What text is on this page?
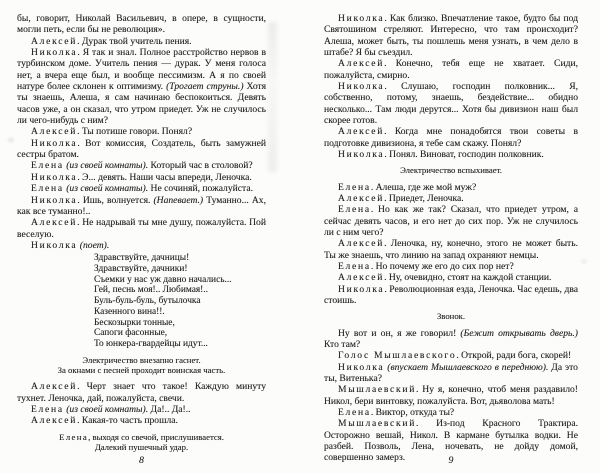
бы, говорит, Николай Васильевич, в опере, в сущности, могли петь, если бы не революция».

Алексей. Дурак твой учитель пения.

Николка. Я так и знал. Полное расстройство нервов в турбинском доме. Учитель пения — дурак. У меня голоса нет, а вчера еще был, и вообще пессимизм. А я по своей натуре более склонен к оптимизму. (Трогает струны.) Хотя ты знаешь, Алеша, я сам начинаю беспокоиться. Девять часов уже, а он сказал, что утром приедет. Уж не случилось ли чего-нибудь с ним?

Алексей. Ты потише говори. Понял?

Николка. Вот комиссия, Создатель, быть замужней сестры братом.

Елена (из своей комнаты). Который час в столовой?

Николка. Э... девять. Наши часы впереди, Леночка.

Елена (из своей комнаты). Не сочиняй, пожалуйста.

Николка. Ишь, волнуется. (Напевает.) Туманно... Ах, как все туманно!..

Алексей. Не надрывай ты мне душу, пожалуйста. Пой веселую.

Николка (поет).

Здравствуйте, дачницы!
Здравствуйте, дачники!
Съемки у нас уж давно начались...
Гей, песнь моя!.. Любимая!..
Буль-буль-буль, бутылочка
Казенного вина!!.
Бескозырки тонные,
Сапоги фасонные,
То юнкера-гвардейцы идут...
Электричество внезапно гаснет.
За окнами с песней проходит воинская часть.

Алексей. Черт знает что такое! Каждую минуту тухнет. Леночка, дай, пожалуйста, свечи.

Елена (из своей комнаты). Да!.. Да!..

Алексей. Какая-то часть прошла.

Елена, выходя со свечой, прислушивается.
Далекий пушечный удар.
8

Николка. Как близко. Впечатление такое, будто бы под Святошином стреляют. Интересно, что там происходит? Алеша, может быть, ты пошлешь меня узнать, в чем дело в штабе? Я бы съездил.

Алексей. Конечно, тебя еще не хватает. Сиди, пожалуйста, смирно.

Николка. Слушаю, господин полковник... Я, собственно, потому, знаешь, бездействие... обидно несколько... Там люди дерутся... Хотя бы дивизион наш был скорее готов.

Алексей. Когда мне понадобятся твои советы в подготовке дивизиона, я тебе сам скажу. Понял?

Николка. Понял. Виноват, господин полковник.

Электричество вспыхивает.

Елена. Алеша, где же мой муж?

Алексей. Приедет, Леночка.

Елена. Но как же так? Сказал, что приедет утром, а сейчас девять часов, и его нет до сих пор. Уж не случилось ли с ним чего?

Алексей. Леночка, ну, конечно, этого не может быть. Ты же знаешь, что линию на запад охраняют немцы.

Елена. Но почему же его до сих пор нет?

Алексей. Ну, очевидно, стоят на каждой станции.

Николка. Революционная езда, Леночка. Час едешь, два стоишь.

Звонок.

Ну вот и он, я же говорил! (Бежит открывать дверь.) Кто там?

Голос Мышлаевского. Открой, ради бога, скорей!

Николка (впускает Мышлаевского в переднюю). Да это ты, Витенька?

Мышлаевский. Ну я, конечно, чтоб меня раздавило! Никол, бери винтовку, пожалуйста. Вот, дьяволова мать!

Елена. Виктор, откуда ты?

Мышлаевский. Из-под Красного Трактира. Осторожно вешай, Никол. В кармане бутылка водки. Не разбей. Позволь, Лена, ночевать, не дойду домой, совершенно замерз.	9
